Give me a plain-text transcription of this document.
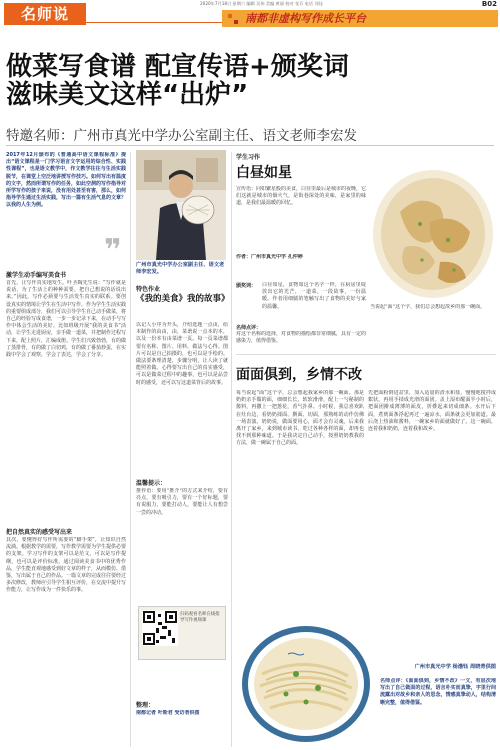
名师说
2020年7月18日 星期六 编辑 吴伟 美编 黄丽 校对 张芬 电话 刘佳	B02
南都非虚构写作成长平台
做菜写食谱 配宣传语+颁奖词
滋味美文这样“出炉”
特邀名师：广州市真光中学办公室副主任、语文老师李宏发
2017年12月颁布的《普通高中语文课程标准》提出“语文课程是一门学习语言文字运用的综合性、实践性课程”，也是语文教学中，作文教学往往与生活实践脱节，在课堂上空泛地讲授写作技巧。如何写出有温度的文字，然而所谓写作的任务，如此空洞的写作指导对所学写作的孩子来说，没有用处甚至有害，那么，如何指导学生通过生活实践，写出一篇有生活气息的文章？以我的人生为例。
❞
激学生动手编写美食书
首先，让写作真实地发生。叶圣陶先生说：“写作就是说话，为了生活上的种种需要，把自己想说的话说出来。”因此，写作必须要与生活发生真实的联系。要创设真实的情境让学生在生活中写作。作为学生生活实践的重要组成部分，我们可以引导学生自己动手做菜，将自己的经验写成食谱，一步一步记录下来，在动手与写作中体会生活的美好。比如班级开展“我的美食书”活动，让学生走进厨房，亲手做一道菜，并把制作过程写下来，配上照片，汇编成册。学生们兴致勃勃，有的做了蒸排骨，有的做了白切鸡，有的做了番茄炒蛋，在实践中学会了观察，学会了表达，学会了分享。
把自然真实的感受写出来
其次，要懂得好写作所需要的“脚手架”，让知识自然流淌。根据教学的需要，写作教学需要为学生提供必要的支架。学习写作的支架可以是范文，可以是写作提纲，也可以是评价标准。通过阅读美食书中的优秀作品，学生能直观地感受到好文章的样子，从而模仿、借鉴，写出属于自己的作品。一篇文章的完成往往要经过多次修改，教师应引导学生相互评价，在交流中提升写作能力，让写作成为一件快乐的事。
广州市真光中学办公室副主任、语文老师李宏发。
特色作业
《我的美食》我的故事》
以记人小序为开头，介绍选题一点由，给本制作的由由，由，菜谱说一点本的本，以及一份本有由菜谱一页。每一页菜谱都要有名称、图片、用料、做法与心得。图片可以是自己拍摄的，也可以是手绘的。做法要条理清楚，步骤分明，让人读了就能照着做。心得要写出自己的真实感受，可以是做菜过程中的趣事，也可以是品尝时的感受，还可以写这道菜背后的故事。
温馨提示：
推荐语：要用“推介”的方式来介绍，要有亮点，要有吸引力，要有一个好标题，要有说服力，要能打动人，要能让人有想尝一尝的冲动。
扫码观看名师在线指导写作视频课
整理：
南都记者 叶斯君 受访者供图
学生习作
白昼如星
宣传语：同如繁星般的美食，白昼里最后是城市的夜晚，它们这就是城市的烟火气，是街巷深处的美味，是家里的味道，是我们最温暖的回忆。
作者：广州市真光中学 孔仲婷
颁奖词：	白昼如星，食物如这个名字一样，在厨房里绽放出它的光芒，一道菜，一段故事，一份温暖。作者用细腻的笔触写出了食物的美好与家的温馨。
名师点评：
对这个名称的选择，对食物的描绘都非常细腻，具有一定的感染力，值得借鉴。
当说起“面”这个字，我们总会想起故乡的那一碗面。
面面俱到，乡情不改
每当说起“面”这个字，总会想起我家乡的那一碗面。那是奶奶亲手做的面，细细长长，软软滑滑，配上一勺秘制的酱料，再撒上一把葱花，香气扑鼻。小时候，我总喜欢趴在灶台边，看奶奶揉面、擀面、切面，那熟练的动作仿佛一场表演。奶奶说，做面要用心，面才会有灵魂。后来我离开了家乡，来到城市读书，吃过各种各样的面，却再也找不到那种味道。于是我决定自己动手，按照奶奶教我的方法，做一碗属于自己的面。
先把面粉倒进盆里，加入适量的清水和盐，慢慢地搅拌成絮状，再用手揉成光滑的面团。盖上湿布醒面半小时后，把面团擀成薄薄的面皮，折叠起来切成细条。水开后下面，煮到面条浮起再过一遍凉水，面条就会更加筋道。最后浇上热油和酱料，一碗家乡的面就做好了。这一碗面，连着我和奶奶，连着我和故乡。
广州市真光中学 杨渤钰 周晓青供图
名师点评：《面面俱到，乡情不改》一文，有层次地写出了自己做面的过程，语言朴实而真挚，字里行间流露出对故乡和亲人的思念，情感真挚动人，结构清晰完整，值得借鉴。
